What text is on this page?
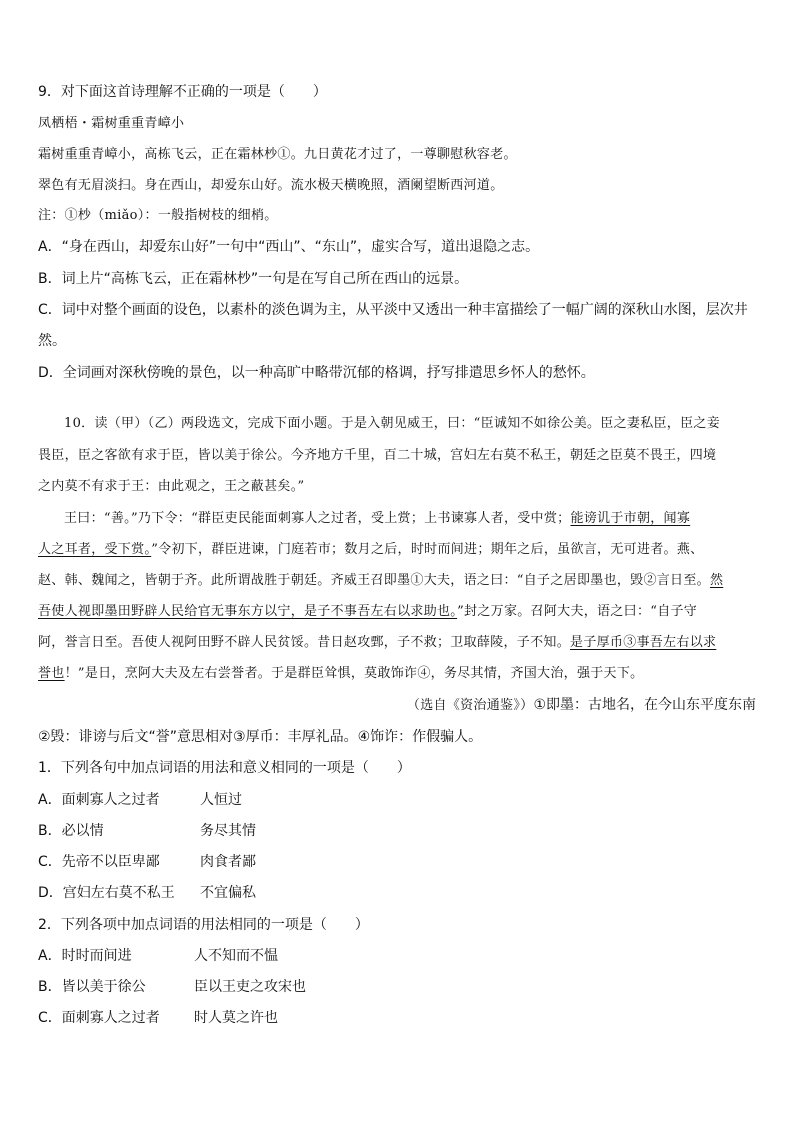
9．对下面这首诗理解不正确的一项是（　　）
凤栖梧・霜树重重青嶂小
霜树重重青嶂小，高栋飞云，正在霜林杪①。九日黄花才过了，一尊聊慰秋容老。
翠色有无眉淡扫。身在西山，却爱东山好。流水极天横晚照，酒阑望断西河道。
注：①杪（miǎo）：一般指树枝的细梢。
A．“身在西山，却爱东山好”一句中“西山”、“东山”，虚实合写，道出退隐之志。
B．词上片“高栋飞云，正在霜林杪”一句是在写自己所在西山的远景。
C．词中对整个画面的设色，以素朴的淡色调为主，从平淡中又透出一种丰富描绘了一幅广阔的深秋山水图，层次井
然。
D．全词画对深秋傍晚的景色，以一种高旷中略带沉郁的格调，抒写排遣思乡怀人的愁怀。
10．读（甲）（乙）两段选文，完成下面小题。于是入朝见威王，曰：“臣诚知不如徐公美。臣之妻私臣，臣之妾
畏臣，臣之客欲有求于臣，皆以美于徐公。今齐地方千里，百二十城，宫妇左右莫不私王，朝廷之臣莫不畏王，四境
之内莫不有求于王：由此观之，王之蔽甚矣。”
王曰：“善。”乃下令：“群臣吏民能面刺寡人之过者，受上赏；上书谏寡人者，受中赏；能谤讥于市朝，闻寡
人之耳者，受下赏。”令初下，群臣进谏，门庭若市；数月之后，时时而间进；期年之后，虽欲言，无可进者。燕、
赵、韩、魏闻之，皆朝于齐。此所谓战胜于朝廷。齐威王召即墨①大夫，语之曰：“自子之居即墨也，毁②言日至。然
吾使人视即墨田野辟人民给官无事东方以宁，是子不事吾左右以求助也。”封之万家。召阿大夫，语之曰：“自子守
阿，誉言日至。吾使人视阿田野不辟人民贫馁。昔日赵攻鄄，子不救；卫取薛陵，子不知。是子厚币③事吾左右以求
誉也！”是日，烹阿大夫及左右尝誉者。于是群臣耸惧，莫敢饰诈④，务尽其情，齐国大治，强于天下。
（选自《资治通鉴》）①即墨：古地名，在今山东平度东南
②毁：诽谤与后文“誉”意思相对③厚币：丰厚礼品。④饰诈：作假骗人。
1．下列各句中加点词语的用法和意义相同的一项是（　　）
A．面刺寡人之过者	人恒过
B．必以情	务尽其情
C．先帝不以臣卑鄙	肉食者鄙
D．宫妇左右莫不私王 不宜偏私
2．下列各项中加点词语的用法相同的一项是（　　）
A．时时而间进	人不知而不愠
B．皆以美于徐公	臣以王吏之攻宋也
C．面刺寡人之过者 时人莫之许也
